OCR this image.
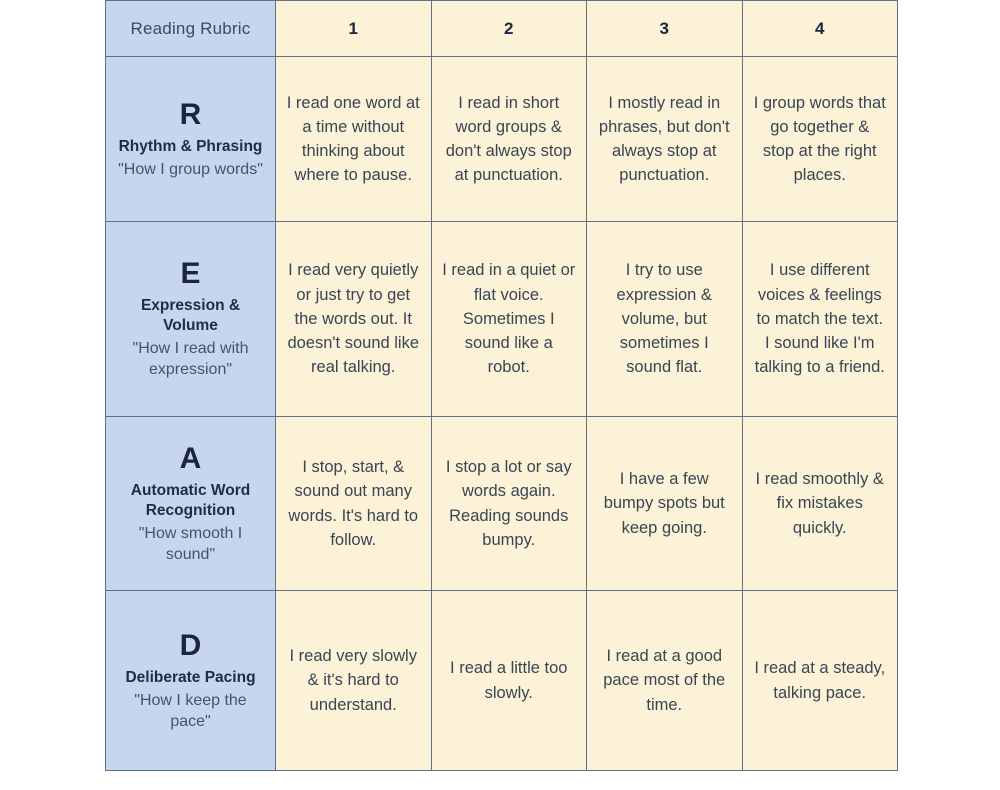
Reading Rubric	1	2	3	4

R
Rhythm & Phrasing
"How I group words"	I read one word at a time without thinking about where to pause.	I read in short word groups & don't always stop at punctuation.	I mostly read in phrases, but don't always stop at punctuation.	I group words that go together & stop at the right places.

E
Expression & Volume
"How I read with expression"	I read very quietly or just try to get the words out. It doesn't sound like real talking.	I read in a quiet or flat voice. Sometimes I sound like a robot.	I try to use expression & volume, but sometimes I sound flat.	I use different voices & feelings to match the text. I sound like I'm talking to a friend.

A
Automatic Word Recognition
"How smooth I sound"	I stop, start, & sound out many words. It's hard to follow.	I stop a lot or say words again. Reading sounds bumpy.	I have a few bumpy spots but keep going.	I read smoothly & fix mistakes quickly.

D
Deliberate Pacing
"How I keep the pace"	I read very slowly & it's hard to understand.	I read a little too slowly.	I read at a good pace most of the time.	I read at a steady, talking pace.
